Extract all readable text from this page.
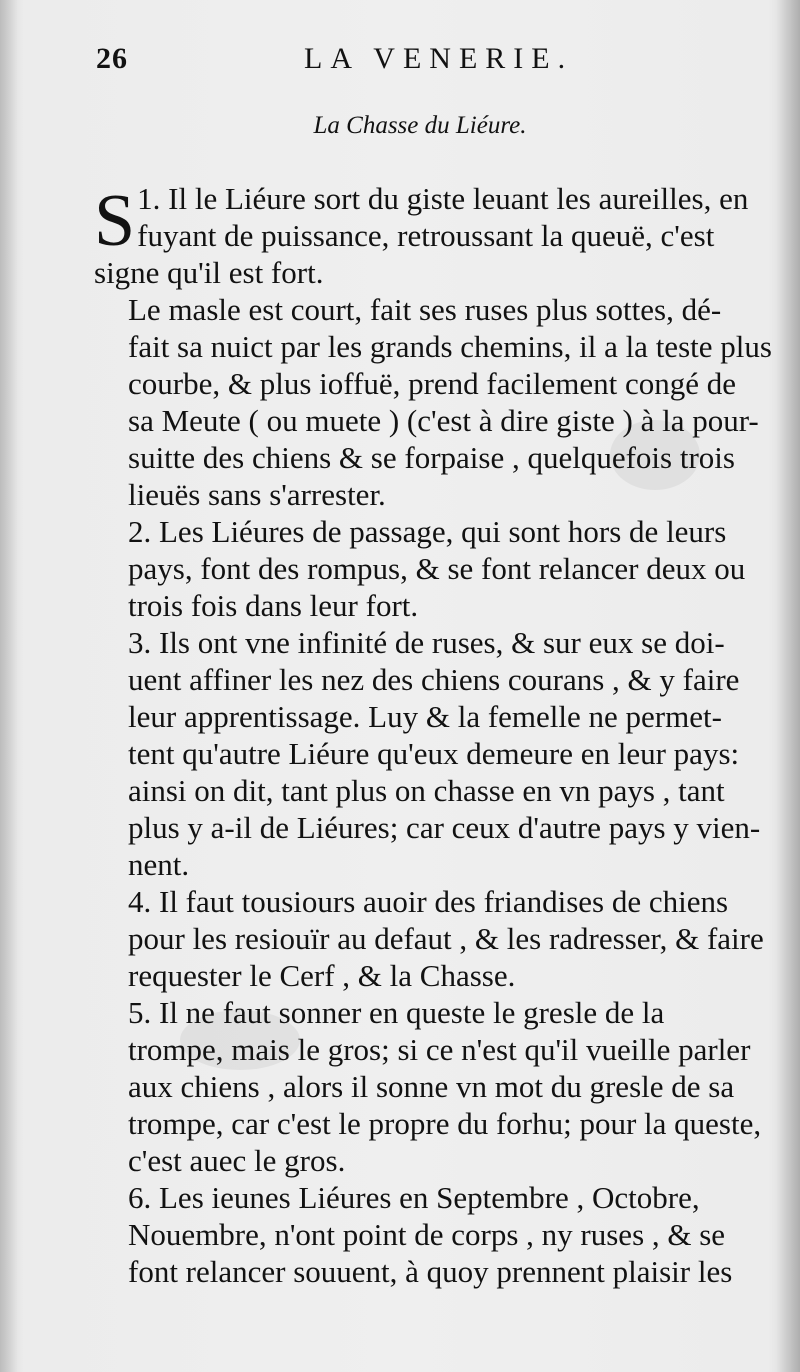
26	LA VENERIE.
La Chasse du Liéure.

1.
S Il le Liéure sort du giste leuant les aureilles, en
fuyant de puissance, retroussant la queuë, c'est
signe qu'il est fort.

Le masle est court, fait ses ruses plus sottes, dé-
fait sa nuict par les grands chemins, il a la teste plus
courbe, & plus ioffuë, prend facilement congé de
sa Meute ( ou muete ) (c'est à dire giste ) à la pour-
suitte des chiens & se forpaise , quelquefois trois
lieuës sans s'arrester.

2. Les Liéures de passage, qui sont hors de leurs
pays, font des rompus, & se font relancer deux ou
trois fois dans leur fort.

3. Ils ont vne infinité de ruses, & sur eux se doi-
uent affiner les nez des chiens courans , & y faire
leur apprentissage. Luy & la femelle ne permet-
tent qu'autre Liéure qu'eux demeure en leur pays:
ainsi on dit, tant plus on chasse en vn pays , tant
plus y a-il de Liéures; car ceux d'autre pays y vien-
nent.

4. Il faut tousiours auoir des friandises de chiens
pour les resiouïr au defaut , & les radresser, & faire
requester le Cerf , & la Chasse.

5. Il ne faut sonner en queste le gresle de la
trompe, mais le gros; si ce n'est qu'il vueille parler
aux chiens , alors il sonne vn mot du gresle de sa
trompe, car c'est le propre du forhu; pour la queste,
c'est auec le gros.

6. Les ieunes Liéures en Septembre , Octobre,
Nouembre, n'ont point de corps , ny ruses , & se
font relancer souuent, à quoy prennent plaisir les
